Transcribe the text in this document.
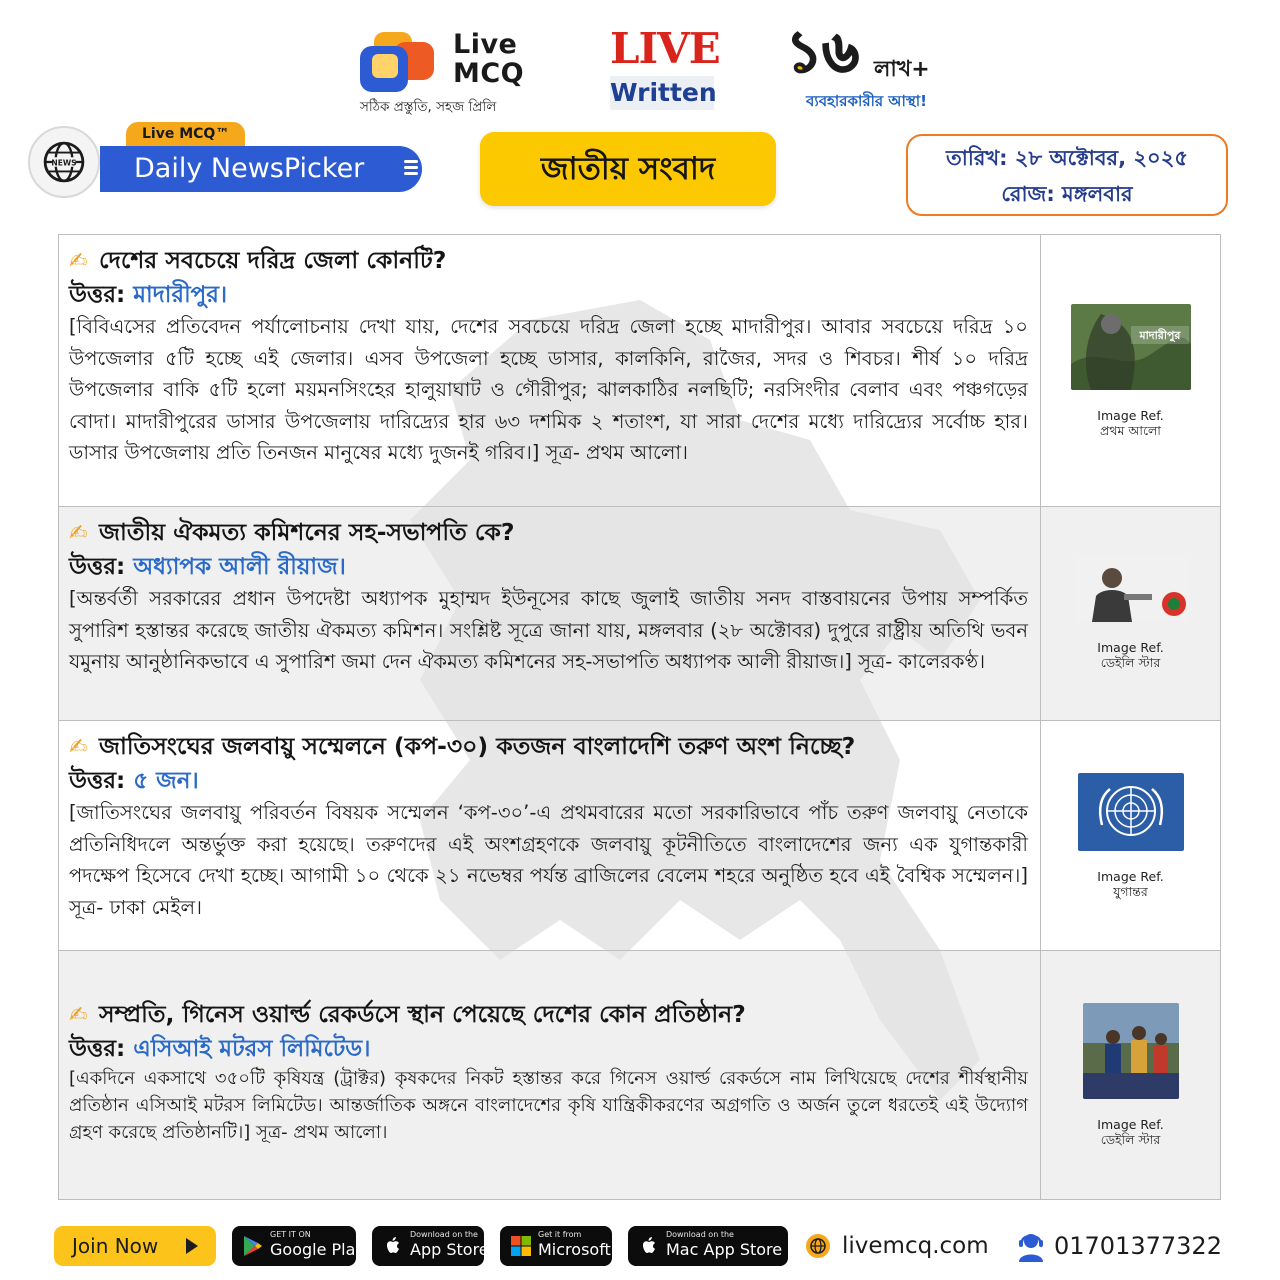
Live
MCQ
সঠিক প্রস্তুতি, সহজ প্রিলি
LIVE
Written
১৬ লাখ+
ব্যবহারকারীর আস্থা!
NEWS
Live MCQ™
Daily NewsPicker	জাতীয় সংবাদ	তারিখ: ২৮ অক্টোবর, ২০২৫
রোজ: মঙ্গলবার
✍ দেশের সবচেয়ে দরিদ্র জেলা কোনটি?
উত্তর: মাদারীপুর।
[বিবিএসের প্রতিবেদন পর্যালোচনায় দেখা যায়, দেশের সবচেয়ে দরিদ্র জেলা হচ্ছে মাদারীপুর। আবার সবচেয়ে দরিদ্র ১০ উপজেলার ৫টি হচ্ছে এই জেলার। এসব উপজেলা হচ্ছে ডাসার, কালকিনি, রাজৈর, সদর ও শিবচর। শীর্ষ ১০ দরিদ্র উপজেলার বাকি ৫টি হলো ময়মনসিংহের হালুয়াঘাট ও গৌরীপুর; ঝালকাঠির নলছিটি; নরসিংদীর বেলাব এবং পঞ্চগড়ের বোদা। মাদারীপুরের ডাসার উপজেলায় দারিদ্র্যের হার ৬৩ দশমিক ২ শতাংশ, যা সারা দেশের মধ্যে দারিদ্র্যের সর্বোচ্চ হার। ডাসার উপজেলায় প্রতি তিনজন মানুষের মধ্যে দুজনই গরিব।] সূত্র- প্রথম আলো।
মাদারীপুর
Image Ref.
প্রথম আলো
✍ জাতীয় ঐকমত্য কমিশনের সহ-সভাপতি কে?
উত্তর: অধ্যাপক আলী রীয়াজ।
[অন্তর্বর্তী সরকারের প্রধান উপদেষ্টা অধ্যাপক মুহাম্মদ ইউনূসের কাছে জুলাই জাতীয় সনদ বাস্তবায়নের উপায় সম্পর্কিত সুপারিশ হস্তান্তর করেছে জাতীয় ঐকমত্য কমিশন। সংশ্লিষ্ট সূত্রে জানা যায়, মঙ্গলবার (২৮ অক্টোবর) দুপুরে রাষ্ট্রীয় অতিথি ভবন যমুনায় আনুষ্ঠানিকভাবে এ সুপারিশ জমা দেন ঐকমত্য কমিশনের সহ-সভাপতি অধ্যাপক আলী রীয়াজ।] সূত্র- কালেরকণ্ঠ।
Image Ref.
ডেইলি স্টার
✍ জাতিসংঘের জলবায়ু সম্মেলনে (কপ-৩০) কতজন বাংলাদেশি তরুণ অংশ নিচ্ছে?
উত্তর: ৫ জন।
[জাতিসংঘের জলবায়ু পরিবর্তন বিষয়ক সম্মেলন ‘কপ-৩০’-এ প্রথমবারের মতো সরকারিভাবে পাঁচ তরুণ জলবায়ু নেতাকে প্রতিনিধিদলে অন্তর্ভুক্ত করা হয়েছে। তরুণদের এই অংশগ্রহণকে জলবায়ু কূটনীতিতে বাংলাদেশের জন্য এক যুগান্তকারী পদক্ষেপ হিসেবে দেখা হচ্ছে। আগামী ১০ থেকে ২১ নভেম্বর পর্যন্ত ব্রাজিলের বেলেম শহরে অনুষ্ঠিত হবে এই বৈশ্বিক সম্মেলন।] সূত্র- ঢাকা মেইল।
Image Ref.
যুগান্তর
✍ সম্প্রতি, গিনেস ওয়ার্ল্ড রেকর্ডসে স্থান পেয়েছে দেশের কোন প্রতিষ্ঠান?
উত্তর: এসিআই মটরস লিমিটেড।
[একদিনে একসাথে ৩৫০টি কৃষিযন্ত্র (ট্রাক্টর) কৃষকদের নিকট হস্তান্তর করে গিনেস ওয়ার্ল্ড রেকর্ডসে নাম লিখিয়েছে দেশের শীর্ষস্থানীয় প্রতিষ্ঠান এসিআই মটরস লিমিটেড। আন্তর্জাতিক অঙ্গনে বাংলাদেশের কৃষি যান্ত্রিকীকরণের অগ্রগতি ও অর্জন তুলে ধরতেই এই উদ্যোগ গ্রহণ করেছে প্রতিষ্ঠানটি।] সূত্র- প্রথম আলো।	Image Ref.
ডেইলি স্টার
Join Now	GET IT ON
Google Play
Download on the
App Store
Get it from
Microsoft
Download on the
Mac App Store	livemcq.com	01701377322
